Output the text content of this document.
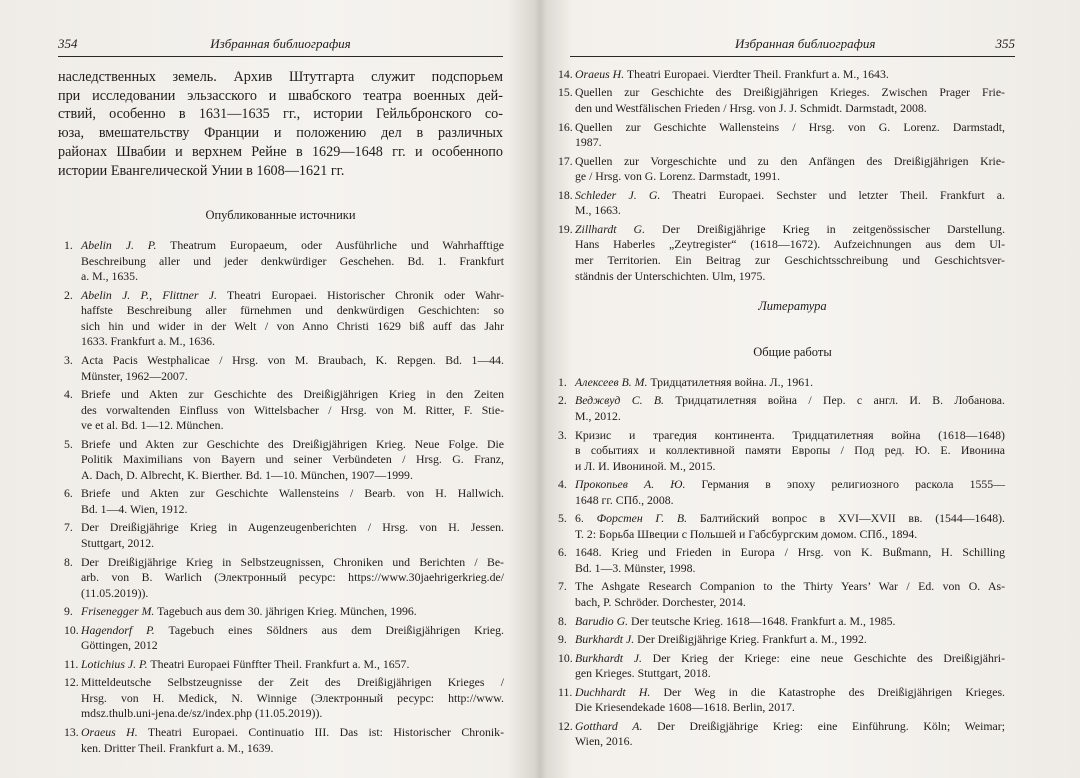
354	Избранная библиография
наследственных земель. Архив Штутгарта служит подспорьем
при исследовании эльзасского и швабского театра военных дей-
ствий, особенно в 1631—1635 гг., истории Гейльбронского со-
юза, вмешательству Франции и положению дел в различных
районах Швабии и верхнем Рейне в 1629—1648 гг. и особеннопо
истории Евангелической Унии в 1608—1621 гг.
Опубликованные источники
1. Abelin J. P. Theatrum Europaeum, oder Ausführliche und Wahrhafftige
Beschreibung aller und jeder denkwürdiger Geschehen. Bd. 1. Frankfurt
a. M., 1635.
2. Abelin J. P., Flittner J. Theatri Europaei. Historischer Chronik oder Wahr-
haffste Beschreibung aller fürnehmen und denkwürdigen Geschichten: so
sich hin und wider in der Welt / von Anno Christi 1629 biß auff das Jahr
1633. Frankfurt a. M., 1636.
3. Acta Pacis Westphalicae / Hrsg. von M. Braubach, K. Repgen. Bd. 1—44.
Münster, 1962—2007.
4. Briefe und Akten zur Geschichte des Dreißigjährigen Krieg in den Zeiten
des vorwaltenden Einfluss von Wittelsbacher / Hrsg. von M. Ritter, F. Stie-
ve et al. Bd. 1—12. München.
5. Briefe und Akten zur Geschichte des Dreißigjährigen Krieg. Neue Folge. Die
Politik Maximilians von Bayern und seiner Verbündeten / Hrsg. G. Franz,
A. Dach, D. Albrecht, K. Bierther. Bd. 1—10. München, 1907—1999.
6. Briefe und Akten zur Geschichte Wallensteins / Bearb. von H. Hallwich.
Bd. 1—4. Wien, 1912.
7. Der Dreißigjährige Krieg in Augenzeugenberichten / Hrsg. von H. Jessen.
Stuttgart, 2012.
8. Der Dreißigjährige Krieg in Selbstzeugnissen, Chroniken und Berichten / Be-
arb. von B. Warlich (Электронный ресурс: https://www.30jaehrigerkrieg.de/
(11.05.2019)).
9. Frisenegger M. Tagebuch aus dem 30. jährigen Krieg. München, 1996.
10. Hagendorf P. Tagebuch eines Söldners aus dem Dreißigjährigen Krieg.
Göttingen, 2012
11. Lotichius J. P. Theatri Europaei Fünffter Theil. Frankfurt a. M., 1657.
12. Mitteldeutsche Selbstzeugnisse der Zeit des Dreißigjährigen Krieges /
Hrsg. von H. Medick, N. Winnige (Электронный ресурс: http://www.
mdsz.thulb.uni-jena.de/sz/index.php (11.05.2019)).
13. Oraeus H. Theatri Europaei. Continuatio III. Das ist: Historischer Chronik-
ken. Dritter Theil. Frankfurt a. M., 1639.
Избранная библиография	355
14. Oraeus H. Theatri Europaei. Vierdter Theil. Frankfurt a. M., 1643.
15. Quellen zur Geschichte des Dreißigjährigen Krieges. Zwischen Prager Frie-
den und Westfälischen Frieden / Hrsg. von J. J. Schmidt. Darmstadt, 2008.
16. Quellen zur Geschichte Wallensteins / Hrsg. von G. Lorenz. Darmstadt,
1987.
17. Quellen zur Vorgeschichte und zu den Anfängen des Dreißigjährigen Krie-
ge / Hrsg. von G. Lorenz. Darmstadt, 1991.
18. Schleder J. G. Theatri Europaei. Sechster und letzter Theil. Frankfurt a.
M., 1663.
19. Zillhardt G. Der Dreißigjährige Krieg in zeitgenössischer Darstellung.
Hans Haberles „Zeytregister“ (1618—1672). Aufzeichnungen aus dem Ul-
mer Territorien. Ein Beitrag zur Geschichtsschreibung und Geschichtsver-
ständnis der Unterschichten. Ulm, 1975.
Литература
Общие работы
1. Алексеев В. М. Тридцатилетняя война. Л., 1961.
2. Веджвуд С. В. Тридцатилетняя война / Пер. с англ. И. В. Лобанова.
М., 2012.
3. Кризис и трагедия континента. Тридцатилетняя война (1618—1648)
в событиях и коллективной памяти Европы / Под ред. Ю. Е. Ивонина
и Л. И. Ивониной. М., 2015.
4. Прокопьев А. Ю. Германия в эпоху религиозного раскола 1555—
1648 гг. СПб., 2008.
5. 6. Форстен Г. В. Балтийский вопрос в XVI—XVII вв. (1544—1648).
Т. 2: Борьба Швеции с Польшей и Габсбургским домом. СПб., 1894.
6. 1648. Krieg und Frieden in Europa / Hrsg. von K. Bußmann, H. Schilling
Bd. 1—3. Münster, 1998.
7. The Ashgate Research Companion to the Thirty Years’ War / Ed. von O. As-
bach, P. Schröder. Dorchester, 2014.
8. Barudio G. Der teutsche Krieg. 1618—1648. Frankfurt a. M., 1985.
9. Burkhardt J. Der Dreißigjährige Krieg. Frankfurt a. M., 1992.
10. Burkhardt J. Der Krieg der Kriege: eine neue Geschichte des Dreißigjähri-
gen Krieges. Stuttgart, 2018.
11. Duchhardt H. Der Weg in die Katastrophe des Dreißigjährigen Krieges.
Die Kriesendekade 1608—1618. Berlin, 2017.
12. Gotthard A. Der Dreißigjährige Krieg: eine Einführung. Köln; Weimar;
Wien, 2016.
